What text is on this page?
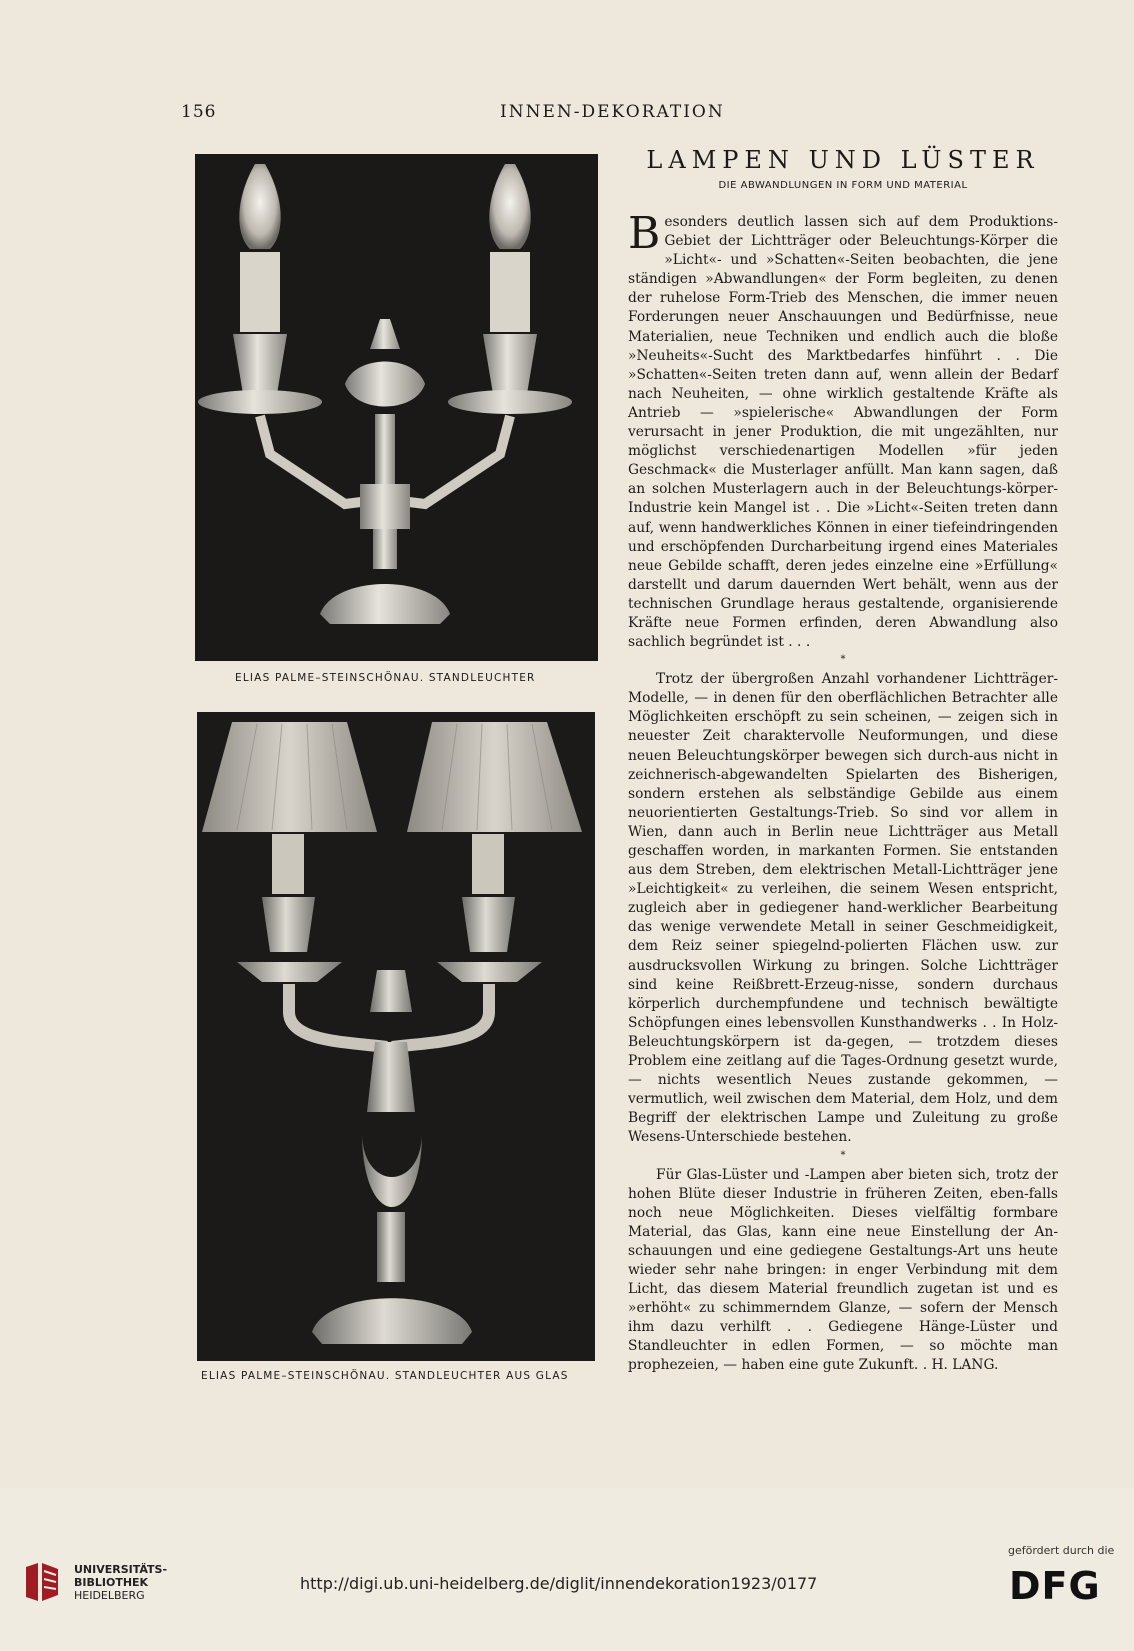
156	INNEN-DEKORATION
ELIAS PALME–STEINSCHÖNAU. STANDLEUCHTER
ELIAS PALME–STEINSCHÖNAU. STANDLEUCHTER AUS GLAS
LAMPEN UND LÜSTER
DIE ABWANDLUNGEN IN FORM UND MATERIAL

Besonders deutlich lassen sich auf dem Produktions-Gebiet der Lichtträger oder Beleuchtungs-Körper die »Licht«- und »Schatten«-Seiten beobachten, die jene ständigen »Abwandlungen« der Form begleiten, zu denen der ruhelose Form-Trieb des Menschen, die immer neuen Forderungen neuer Anschauungen und Bedürfnisse, neue Materialien, neue Techniken und endlich auch die bloße »Neuheits«-Sucht des Marktbedarfes hinführt . . Die »Schatten«-Seiten treten dann auf, wenn allein der Bedarf nach Neuheiten, — ohne wirklich gestaltende Kräfte als Antrieb — »spielerische« Abwandlungen der Form verursacht in jener Produktion, die mit ungezählten, nur möglichst verschiedenartigen Modellen »für jeden Geschmack« die Musterlager anfüllt. Man kann sagen, daß an solchen Musterlagern auch in der Beleuchtungs-körper-Industrie kein Mangel ist . . Die »Licht«-Seiten treten dann auf, wenn handwerkliches Können in einer tiefeindringenden und erschöpfenden Durcharbeitung irgend eines Materiales neue Gebilde schafft, deren jedes einzelne eine »Erfüllung« darstellt und darum dauernden Wert behält, wenn aus der technischen Grundlage heraus gestaltende, organisierende Kräfte neue Formen erfinden, deren Abwandlung also sachlich begründet ist . . .

*

Trotz der übergroßen Anzahl vorhandener Lichtträger-Modelle, — in denen für den oberflächlichen Betrachter alle Möglichkeiten erschöpft zu sein scheinen, — zeigen sich in neuester Zeit charaktervolle Neuformungen, und diese neuen Beleuchtungskörper bewegen sich durch-aus nicht in zeichnerisch-abgewandelten Spielarten des Bisherigen, sondern erstehen als selbständige Gebilde aus einem neuorientierten Gestaltungs-Trieb. So sind vor allem in Wien, dann auch in Berlin neue Lichtträger aus Metall geschaffen worden, in markanten Formen. Sie entstanden aus dem Streben, dem elektrischen Metall-Lichtträger jene »Leichtigkeit« zu verleihen, die seinem Wesen entspricht, zugleich aber in gediegener hand-werklicher Bearbeitung das wenige verwendete Metall in seiner Geschmeidigkeit, dem Reiz seiner spiegelnd-polierten Flächen usw. zur ausdrucksvollen Wirkung zu bringen. Solche Lichtträger sind keine Reißbrett-Erzeug-nisse, sondern durchaus körperlich durchempfundene und technisch bewältigte Schöpfungen eines lebensvollen Kunsthandwerks . . In Holz-Beleuchtungskörpern ist da-gegen, — trotzdem dieses Problem eine zeitlang auf die Tages-Ordnung gesetzt wurde, — nichts wesentlich Neues zustande gekommen, — vermutlich, weil zwischen dem Material, dem Holz, und dem Begriff der elektrischen Lampe und Zuleitung zu große Wesens-Unterschiede bestehen.

*

Für Glas-Lüster und -Lampen aber bieten sich, trotz der hohen Blüte dieser Industrie in früheren Zeiten, eben-falls noch neue Möglichkeiten. Dieses vielfältig formbare Material, das Glas, kann eine neue Einstellung der An-schauungen und eine gediegene Gestaltungs-Art uns heute wieder sehr nahe bringen: in enger Verbindung mit dem Licht, das diesem Material freundlich zugetan ist und es »erhöht« zu schimmerndem Glanze, — sofern der Mensch ihm dazu verhilft . . Gediegene Hänge-Lüster und Standleuchter in edlen Formen, — so möchte man prophezeien, — haben eine gute Zukunft. . H. LANG.

UNIVERSITÄTS-
BIBLIOTHEK
HEIDELBERG
http://digi.ub.uni-heidelberg.de/diglit/innendekoration1923/0177
gefördert durch die
DFG
